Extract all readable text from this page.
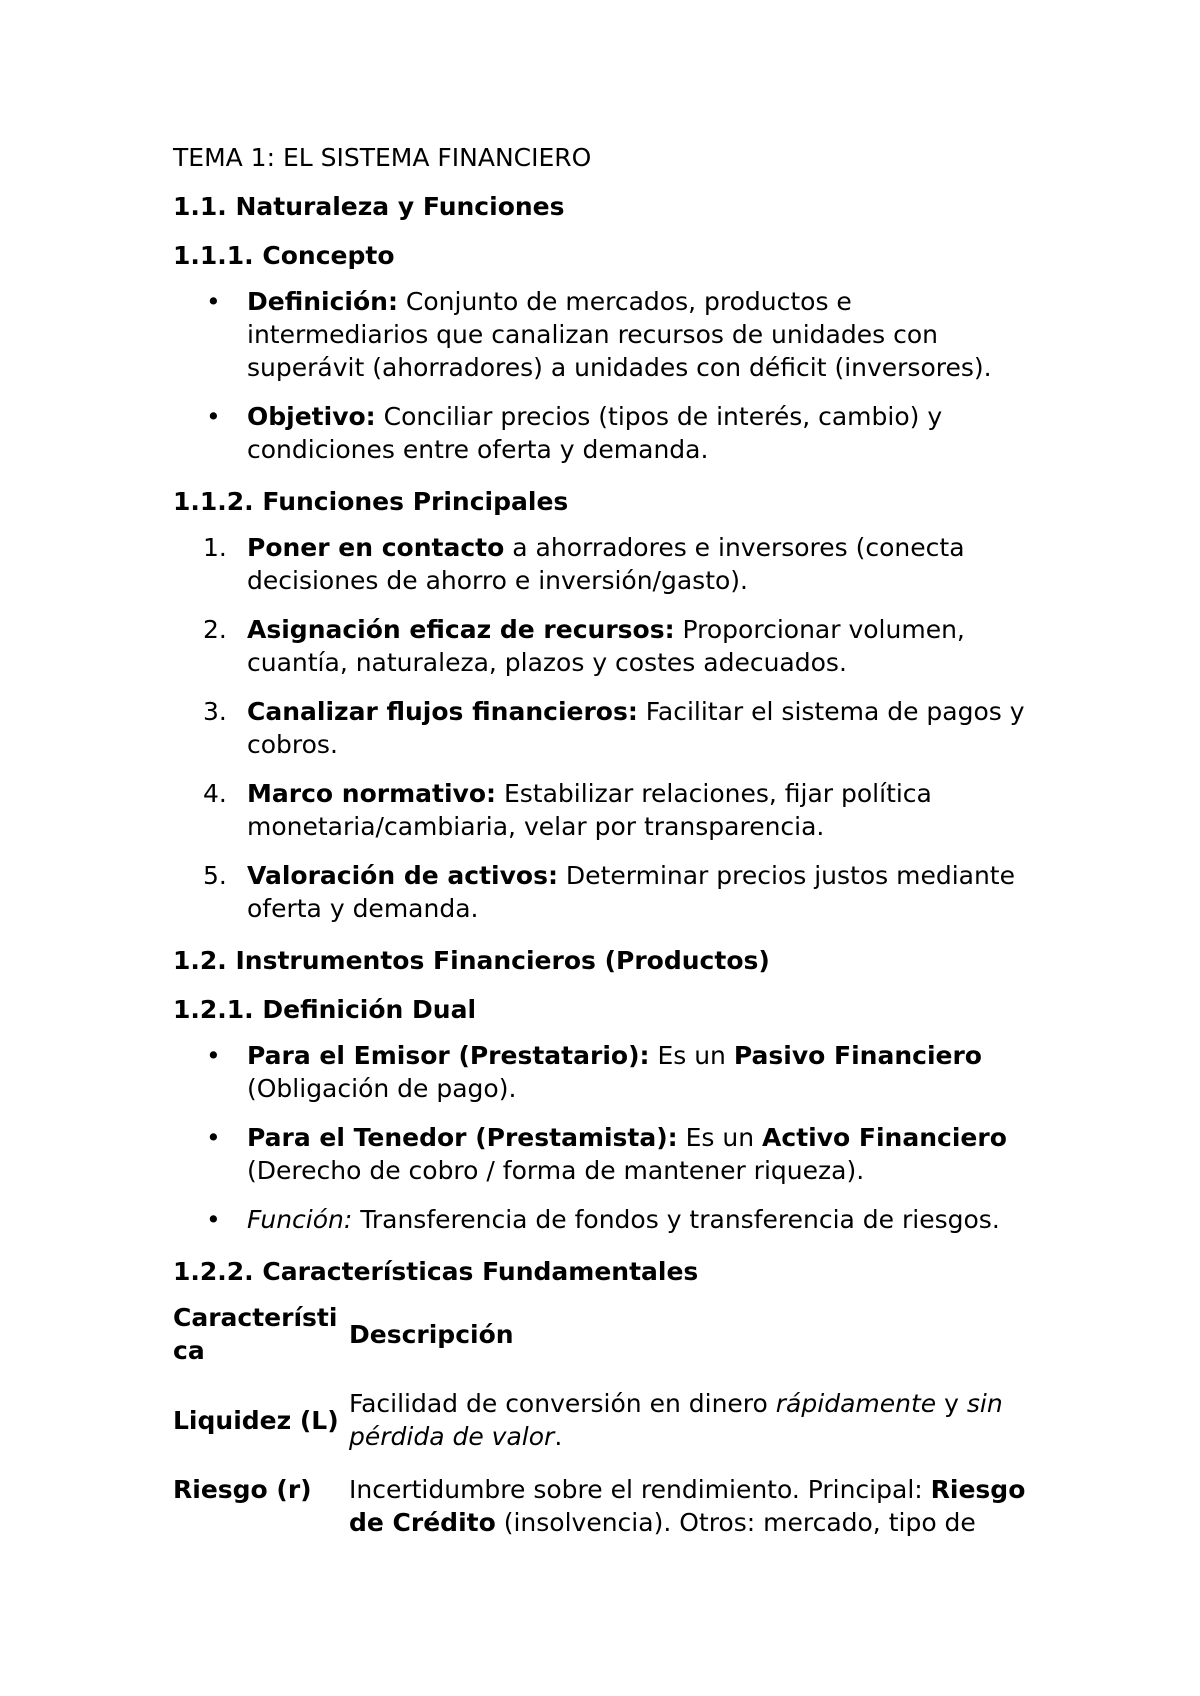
TEMA 1: EL SISTEMA FINANCIERO

1.1. Naturaleza y Funciones

1.1.1. Concepto

•	Definición: Conjunto de mercados, productos e intermediarios que canalizan recursos de unidades con superávit (ahorradores) a unidades con déficit (inversores).
•	Objetivo: Conciliar precios (tipos de interés, cambio) y condiciones entre oferta y demanda.

1.1.2. Funciones Principales

1. Poner en contacto a ahorradores e inversores (conecta decisiones de ahorro e inversión/gasto).
2. Asignación eficaz de recursos: Proporcionar volumen, cuantía, naturaleza, plazos y costes adecuados.
3. Canalizar flujos financieros: Facilitar el sistema de pagos y cobros.
4. Marco normativo: Estabilizar relaciones, fijar política monetaria/cambiaria, velar por transparencia.
5. Valoración de activos: Determinar precios justos mediante oferta y demanda.

1.2. Instrumentos Financieros (Productos)

1.2.1. Definición Dual

•	Para el Emisor (Prestatario): Es un Pasivo Financiero (Obligación de pago).
•	Para el Tenedor (Prestamista): Es un Activo Financiero (Derecho de cobro / forma de mantener riqueza).
•	Función: Transferencia de fondos y transferencia de riesgos.

1.2.2. Características Fundamentales

Característi
ca	Descripción
Liquidez (L)	Facilidad de conversión en dinero rápidamente y sin pérdida de valor.
Riesgo (r)	Incertidumbre sobre el rendimiento. Principal: Riesgo de Crédito (insolvencia). Otros: mercado, tipo de
